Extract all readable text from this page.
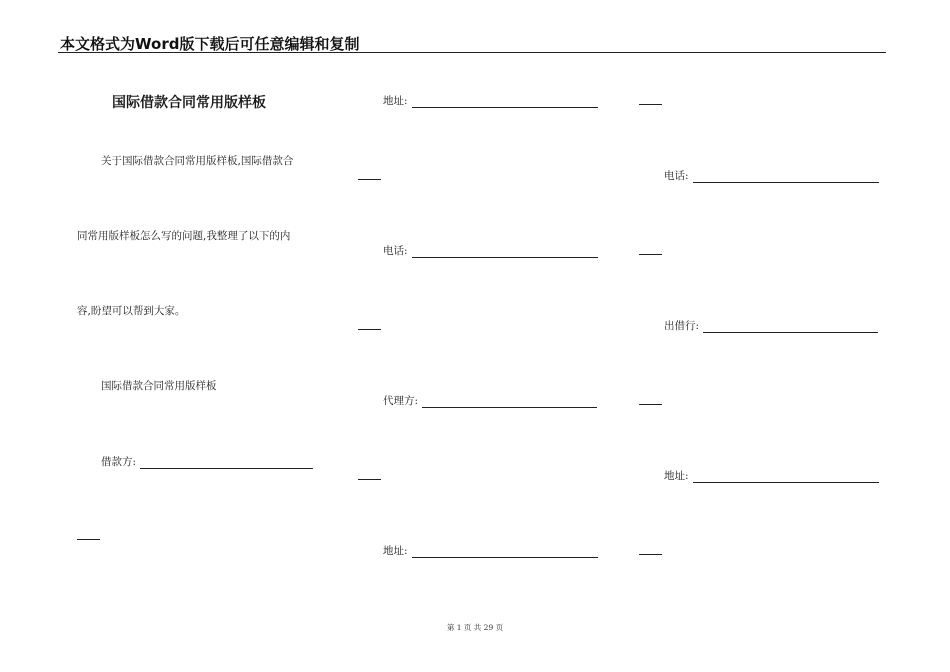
本文格式为Word版下载后可任意编辑和复制
国际借款合同常用版样板
关于国际借款合同常用版样板,国际借款合
同常用版样板怎么写的问题,我整理了以下的内
容,盼望可以帮到大家。
国际借款合同常用版样板
借款方:
地址:
电话:
代理方:
地址:
电话:
出借行:
地址:
第 1 页 共 29 页
